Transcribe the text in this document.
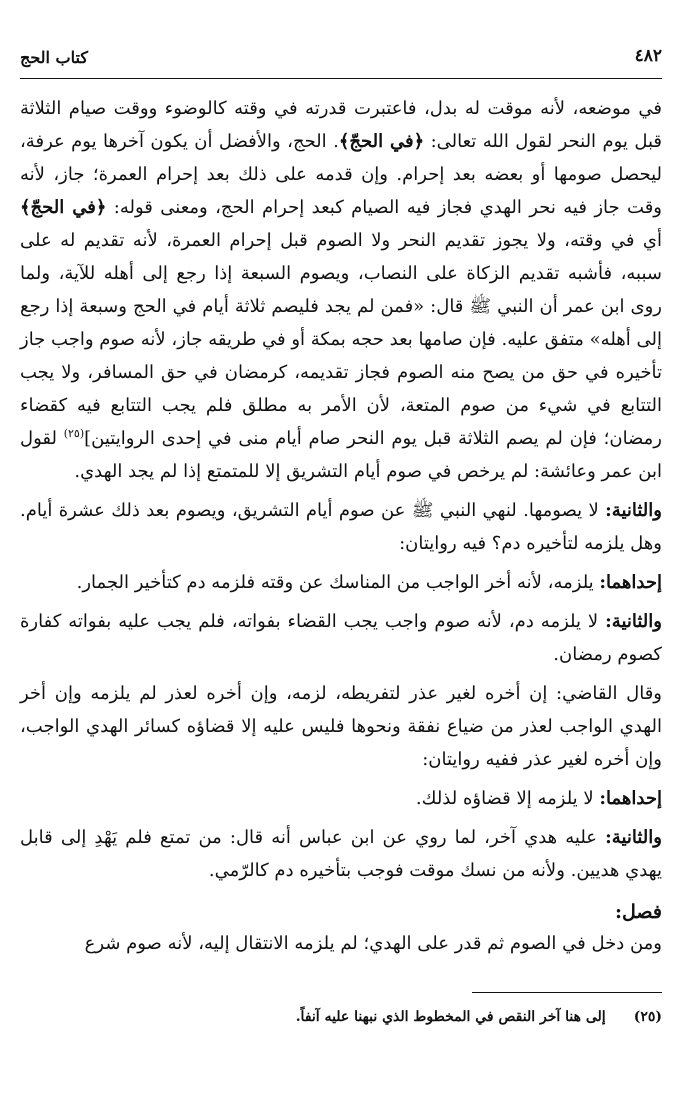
٤٨٢
كتاب الحج

في موضعه، لأنه موقت له بدل، فاعتبرت قدرته في وقته كالوضوء ووقت صيام الثلاثة قبل يوم النحر لقول الله تعالى: ﴿في الحجّ﴾. الحج، والأفضل أن يكون آخرها يوم عرفة، ليحصل صومها أو بعضه بعد إحرام. وإن قدمه على ذلك بعد إحرام العمرة؛ جاز، لأنه وقت جاز فيه نحر الهدي فجاز فيه الصيام كبعد إحرام الحج، ومعنى قوله: ﴿في الحجّ﴾ أي في وقته، ولا يجوز تقديم النحر ولا الصوم قبل إحرام العمرة، لأنه تقديم له على سببه، فأشبه تقديم الزكاة على النصاب، ويصوم السبعة إذا رجع إلى أهله للآية، ولما روى ابن عمر أن النبي ﷺ قال: «فمن لم يجد فليصم ثلاثة أيام في الحج وسبعة إذا رجع إلى أهله» متفق عليه. فإن صامها بعد حجه بمكة أو في طريقه جاز، لأنه صوم واجب جاز تأخيره في حق من يصح منه الصوم فجاز تقديمه، كرمضان في حق المسافر، ولا يجب التتابع في شيء من صوم المتعة، لأن الأمر به مطلق فلم يجب التتابع فيه كقضاء رمضان؛ فإن لم يصم الثلاثة قبل يوم النحر صام أيام منى في إحدى الروايتين]$^{(٢٥)}$ لقول ابن عمر وعائشة: لم يرخص في صوم أيام التشريق إلا للمتمتع إذا لم يجد الهدي.

والثانية: لا يصومها. لنهي النبي ﷺ عن صوم أيام التشريق، ويصوم بعد ذلك عشرة أيام. وهل يلزمه لتأخيره دم؟ فيه روايتان:

إحداهما: يلزمه، لأنه أخر الواجب من المناسك عن وقته فلزمه دم كتأخير الجمار.

والثانية: لا يلزمه دم، لأنه صوم واجب يجب القضاء بفواته، فلم يجب عليه بفواته كفارة كصوم رمضان.

وقال القاضي: إن أخره لغير عذر لتفريطه، لزمه، وإن أخره لعذر لم يلزمه وإن أخر الهدي الواجب لعذر من ضياع نفقة ونحوها فليس عليه إلا قضاؤه كسائر الهدي الواجب، وإن أخره لغير عذر ففيه روايتان:

إحداهما: لا يلزمه إلا قضاؤه لذلك.

والثانية: عليه هدي آخر، لما روي عن ابن عباس أنه قال: من تمتع فلم يَهْدِ إلى قابل يهدي هديين. ولأنه من نسك موقت فوجب بتأخيره دم كالرّمي.

فصل:

ومن دخل في الصوم ثم قدر على الهدي؛ لم يلزمه الانتقال إليه، لأنه صوم شرع

(٢٥)إلى هنا آخر النقص في المخطوط الذي نبهنا عليه آنفاً.
